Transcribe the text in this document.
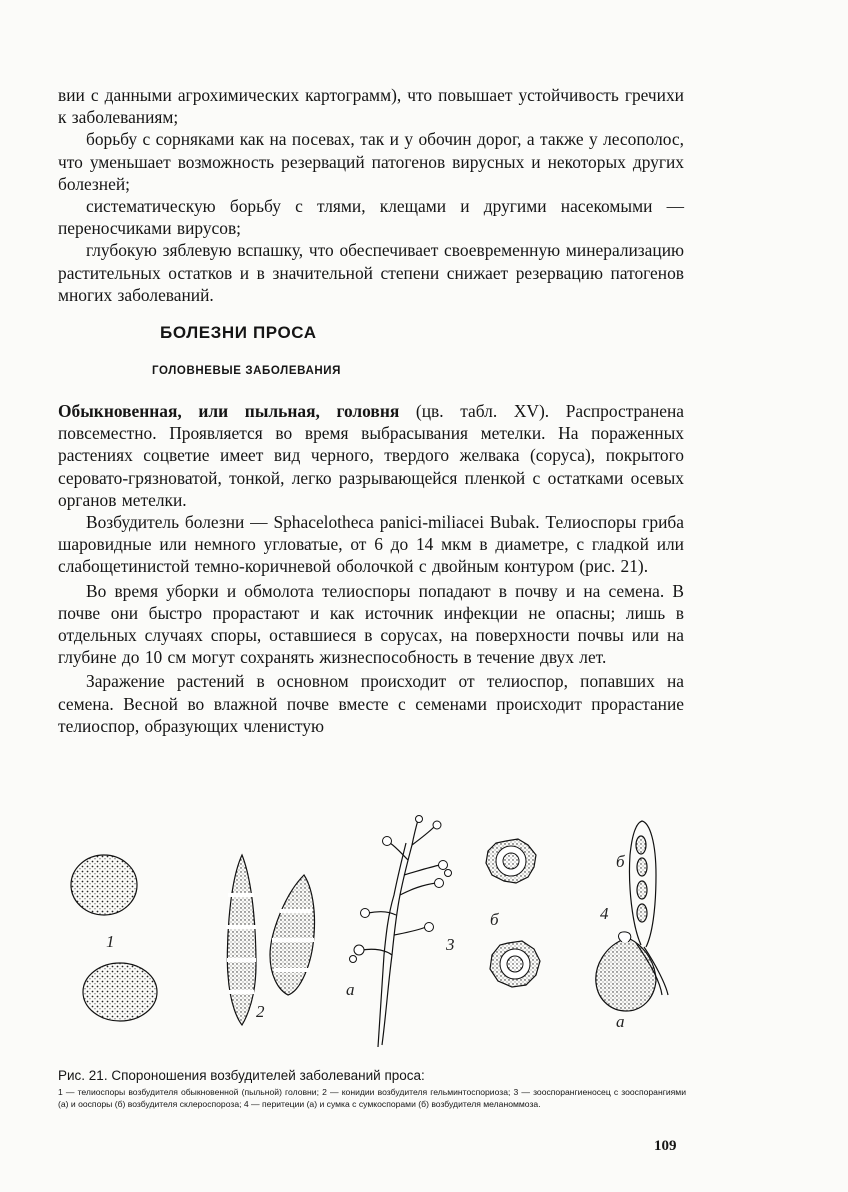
вии с данными агрохимических картограмм), что повышает устойчивость гречихи к заболеваниям;

борьбу с сорняками как на посевах, так и у обочин дорог, а также у лесополос, что уменьшает возможность резерваций патогенов вирусных и некоторых других болезней;

систематическую борьбу с тлями, клещами и другими насекомыми — переносчиками вирусов;

глубокую зяблевую вспашку, что обеспечивает своевременную минерализацию растительных остатков и в значительной степени снижает резервацию патогенов многих заболеваний.

БОЛЕЗНИ ПРОСА
ГОЛОВНЕВЫЕ ЗАБОЛЕВАНИЯ

Обыкновенная, или пыльная, головня (цв. табл. XV). Распространена повсеместно. Проявляется во время выбрасывания метелки. На пораженных растениях соцветие имеет вид черного, твердого желвака (соруса), покрытого серовато-грязноватой, тонкой, легко разрывающейся пленкой с остатками осевых органов метелки.

Возбудитель болезни — Sphacelotheca panici-miliacei Bubak. Телиоспоры гриба шаровидные или немного угловатые, от 6 до 14 мкм в диаметре, с гладкой или слабощетинистой темно-коричневой оболочкой с двойным контуром (рис. 21).

Во время уборки и обмолота телиоспоры попадают в почву и на семена. В почве они быстро прорастают и как источник инфекции не опасны; лишь в отдельных случаях споры, оставшиеся в сорусах, на поверхности почвы или на глубине до 10 см могут сохранять жизнеспособность в течение двух лет.

Заражение растений в основном происходит от телиоспор, попавших на семена. Весной во влажной почве вместе с семенами происходит прорастание телиоспор, образующих членистую

1
2
а
3
б
б
4
а

Рис. 21. Спороношения возбудителей заболеваний проса:

1 — телиоспоры возбудителя обыкновенной (пыльной) головни; 2 — конидии возбудителя гельминтоспориоза; 3 — зооспорангиеносец с зооспорангиями (а) и ооспоры (б) возбудителя склероспороза; 4 — перитеции (а) и сумка с сумкоспорами (б) возбудителя меланоммоза.

109
